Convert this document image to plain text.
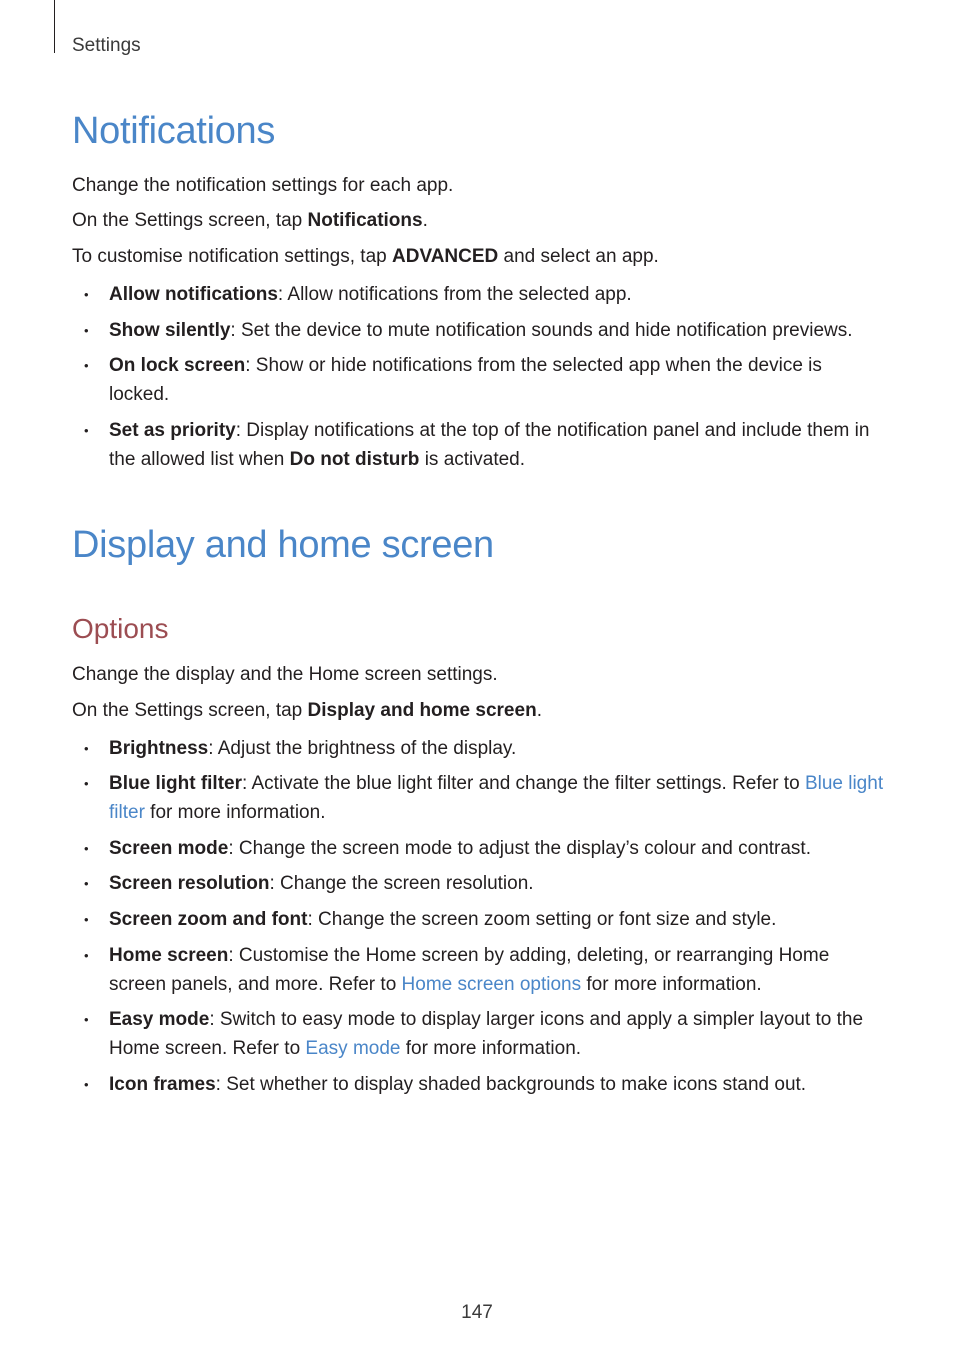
Settings
Notifications

Change the notification settings for each app.

On the Settings screen, tap Notifications.

To customise notification settings, tap ADVANCED and select an app.

• Allow notifications: Allow notifications from the selected app.
• Show silently: Set the device to mute notification sounds and hide notification previews.
• On lock screen: Show or hide notifications from the selected app when the device is locked.
• Set as priority: Display notifications at the top of the notification panel and include them in the allowed list when Do not disturb is activated.
Display and home screen
Options

Change the display and the Home screen settings.

On the Settings screen, tap Display and home screen.

• Brightness: Adjust the brightness of the display.
• Blue light filter: Activate the blue light filter and change the filter settings. Refer to Blue light filter for more information.
• Screen mode: Change the screen mode to adjust the display’s colour and contrast.
• Screen resolution: Change the screen resolution.
• Screen zoom and font: Change the screen zoom setting or font size and style.
• Home screen: Customise the Home screen by adding, deleting, or rearranging Home screen panels, and more. Refer to Home screen options for more information.
• Easy mode: Switch to easy mode to display larger icons and apply a simpler layout to the Home screen. Refer to Easy mode for more information.
• Icon frames: Set whether to display shaded backgrounds to make icons stand out.
147
